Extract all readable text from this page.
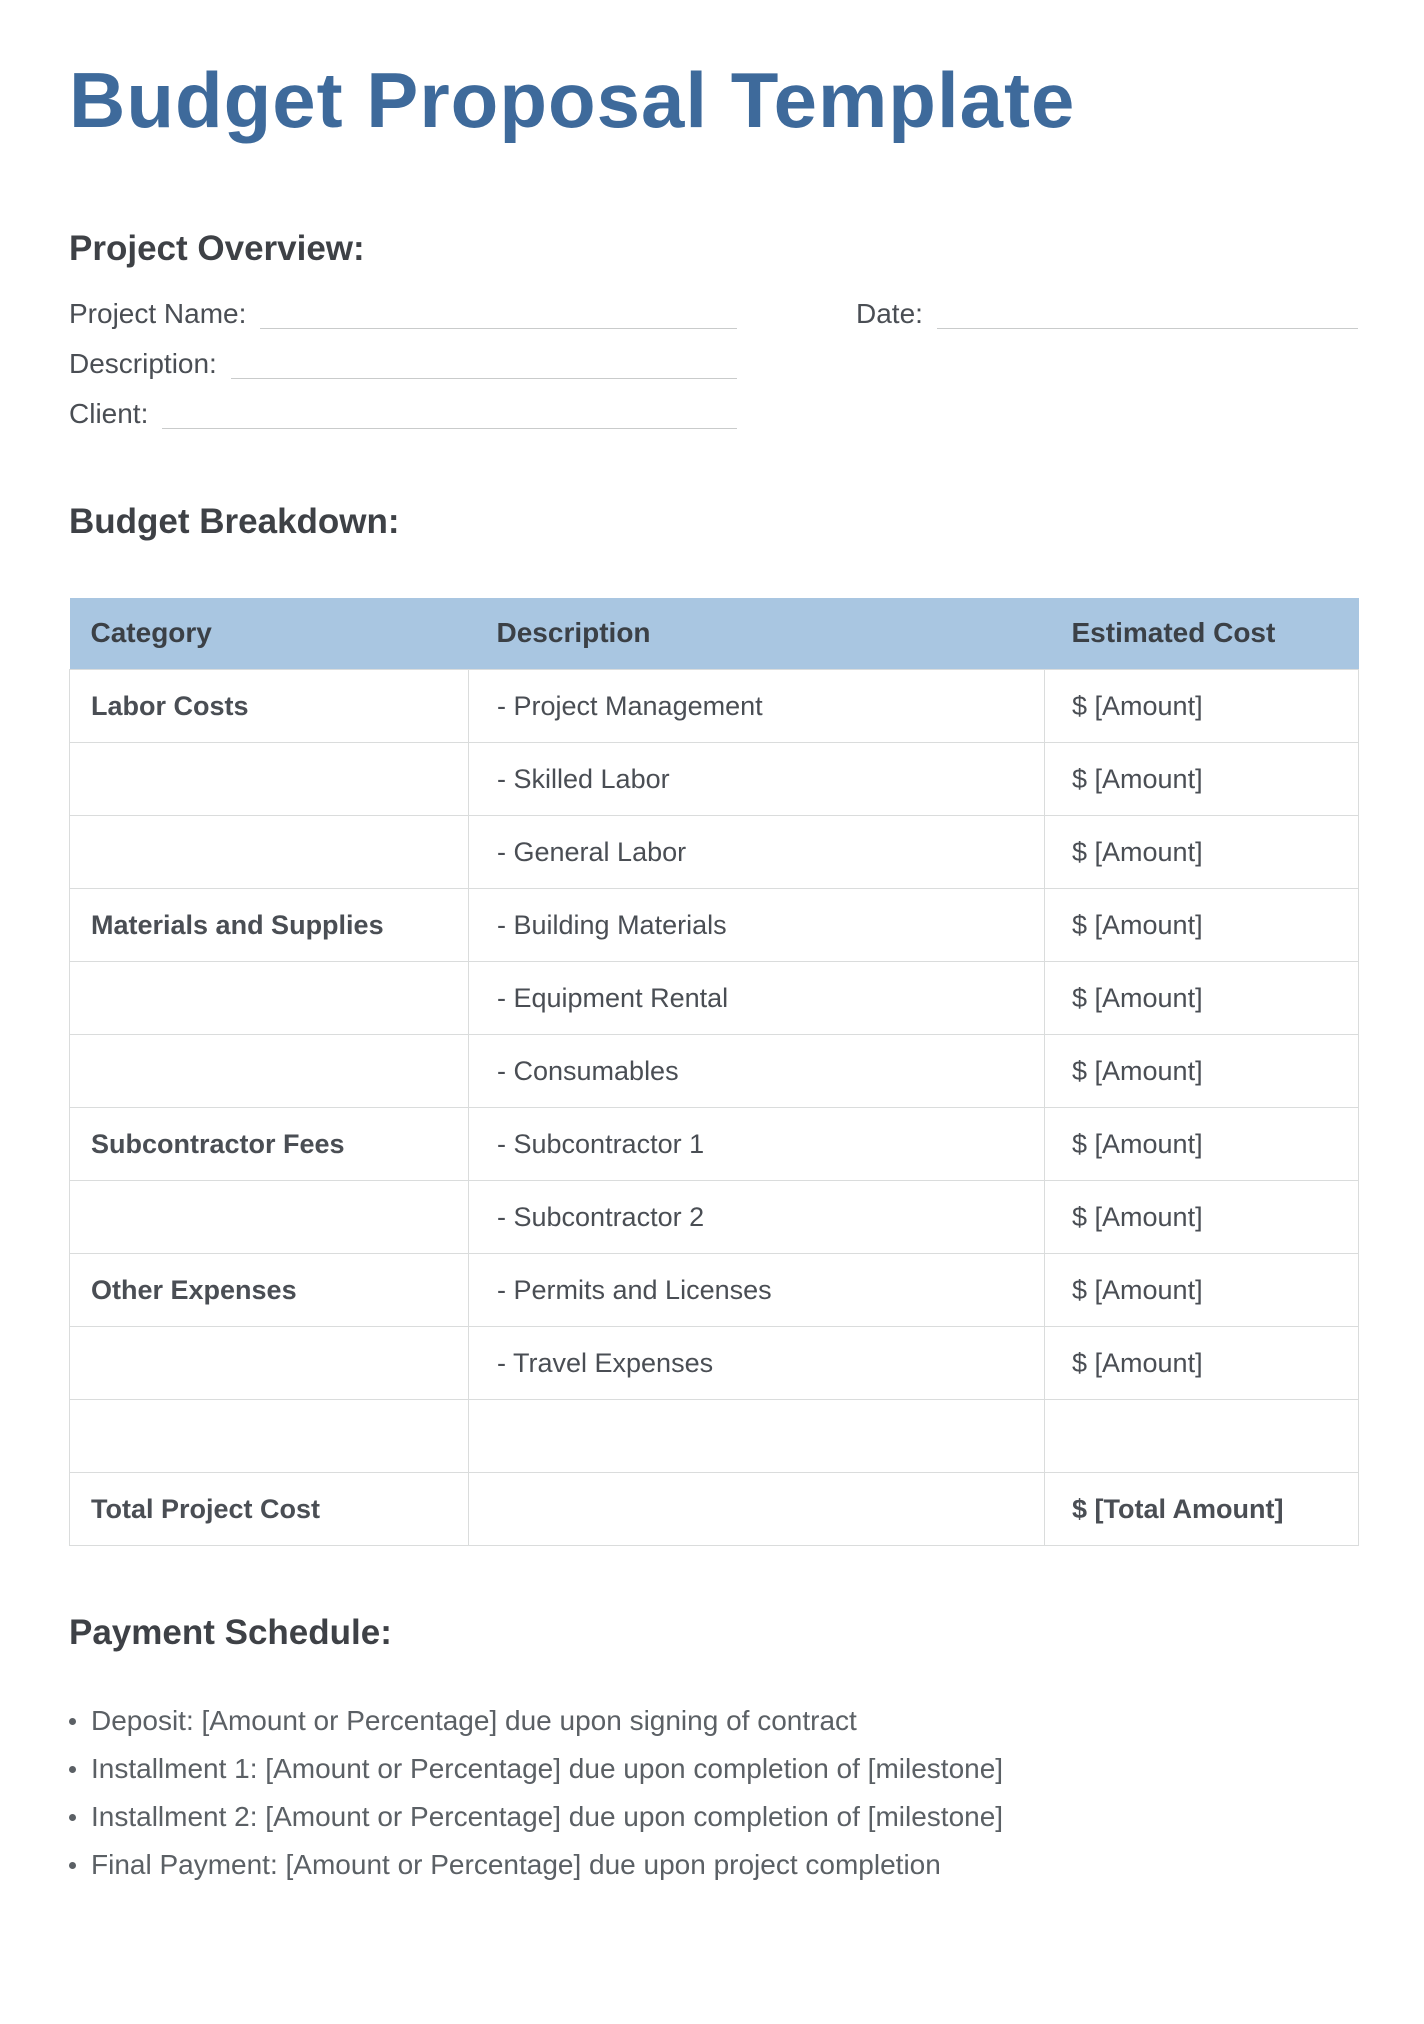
Budget Proposal Template
Project Overview:
Project Name:	Date:
Description:
Client:
Budget Breakdown:
Category	Description	Estimated Cost
Labor Costs	- Project Management	$ [Amount]
	- Skilled Labor	$ [Amount]
	- General Labor	$ [Amount]
Materials and Supplies	- Building Materials	$ [Amount]
	- Equipment Rental	$ [Amount]
	- Consumables	$ [Amount]
Subcontractor Fees	- Subcontractor 1	$ [Amount]
	- Subcontractor 2	$ [Amount]
Other Expenses	- Permits and Licenses	$ [Amount]
	- Travel Expenses	$ [Amount]

Total Project Cost		$ [Total Amount]
Payment Schedule:
Deposit: [Amount or Percentage] due upon signing of contract
Installment 1: [Amount or Percentage] due upon completion of [milestone]
Installment 2: [Amount or Percentage] due upon completion of [milestone]
Final Payment: [Amount or Percentage] due upon project completion
